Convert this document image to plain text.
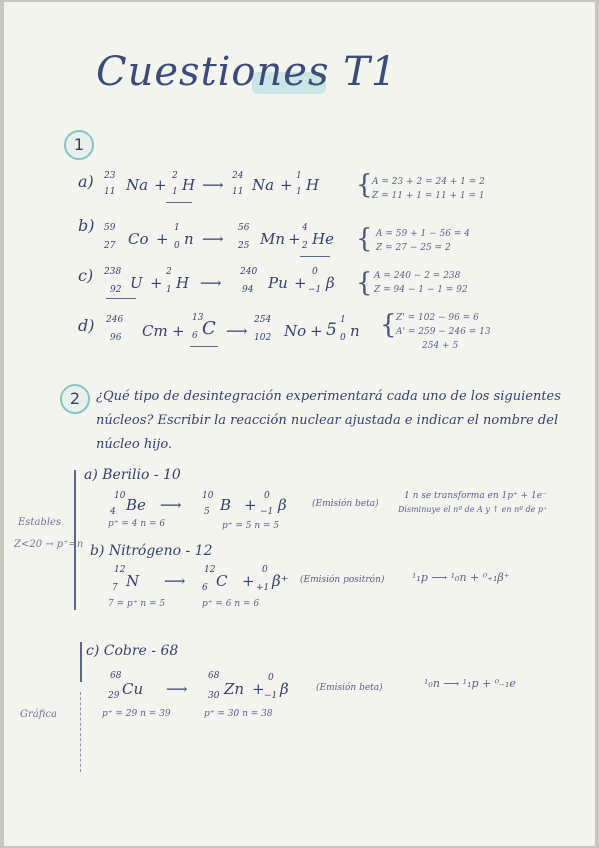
Cuestiones T1
1
a) 23
11 Na + 2
1 H ⟶ 24
11 Na + 1
1 H { A = 23 + 2 = 24 + 1 = 2
Z = 11 + 1 = 11 + 1 = 1
b) 59
27 Co +
1
0 n ⟶
56
25 Mn +
4
2 He { A = 59 + 1 − 56 = 4
Z = 27 − 25 = 2
c) 238
92 U +
2
1 H ⟶
240
94 Pu +
0
−1 β { A = 240 − 2 = 238
Z = 94 − 1 − 1 = 92
d) 246
96 Cm +
13
6 C ⟶
254
102 No + 5 1
0 n { Z' = 102 − 96 = 6
A' = 259 − 246 = 13
254 + 5
2	¿Qué tipo de desintegración experimentará cada uno de los siguientes
núcleos? Escribir la reacción nuclear ajustada e indicar el nombre del
núcleo hijo.
Estables
Z<20 → p⁺=n
a) Berilio - 10
10
4 Be ⟶ 10
5 B + 0
−1 β	(Emisión beta)
p⁺ = 4 n = 6	p⁺ = 5 n = 5
1 n se transforma en 1p⁺ + 1e⁻
Disminuye el nº de A y ↑ en nº de p⁺
b) Nitrógeno - 12
12
7 N ⟶
12
6 C +
0
+1 β⁺ (Emisión positrón)
7 = p⁺ n = 5	p⁺ = 6 n = 6
¹₁p ⟶ ¹₀n + ⁰₊₁β⁺
c) Cobre - 68
68
29 Cu ⟶
68
30 Zn +
0
−1 β	(Emisión beta)
p⁺ = 29 n = 39	p⁺ = 30 n = 38
¹₀n ⟶ ¹₁p + ⁰₋₁e
Gráfica
